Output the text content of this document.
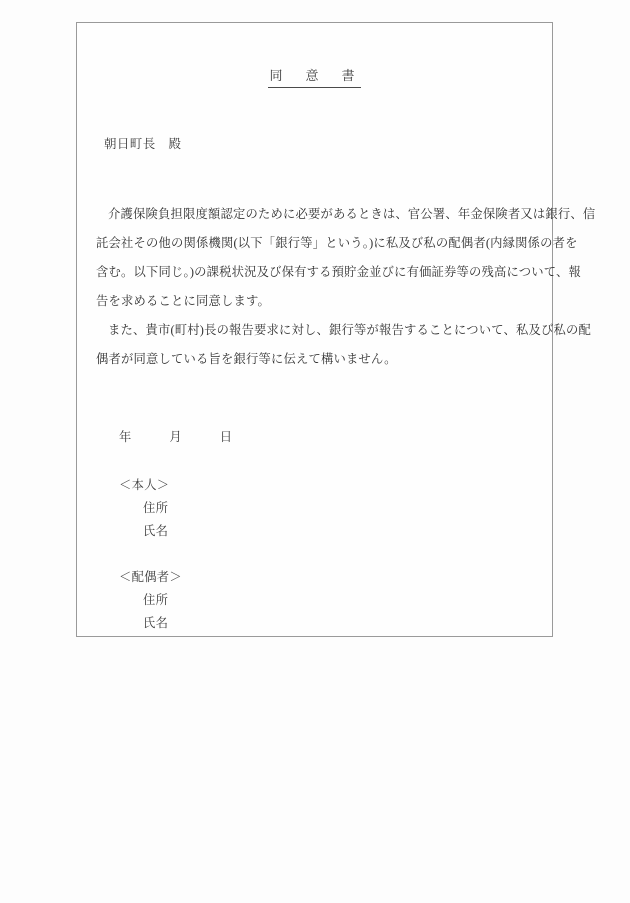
同　意　書
朝日町長　殿

介護保険負担限度額認定のために必要があるときは、官公署、年金保険者又は銀行、信
託会社その他の関係機関(以下「銀行等」という。)に私及び私の配偶者(内縁関係の者を
含む。以下同じ。)の課税状況及び保有する預貯金並びに有価証券等の残高について、報
告を求めることに同意します。

また、貴市(町村)長の報告要求に対し、銀行等が報告することについて、私及び私の配
偶者が同意している旨を銀行等に伝えて構いません。

年　　　月　　　日
＜本人＞
住所
氏名
＜配偶者＞
住所
氏名
